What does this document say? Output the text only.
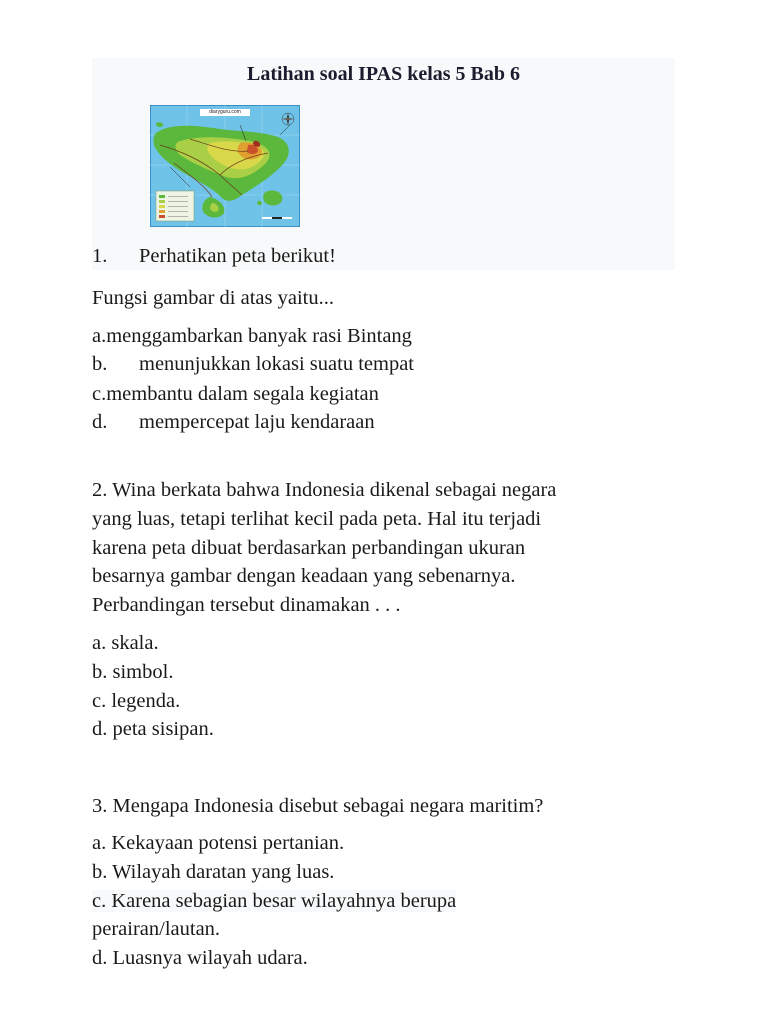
Latihan soal IPAS kelas 5 Bab 6
diaryguru.com
1. Perhatikan peta berikut!
Fungsi gambar di atas yaitu...
a.menggambarkan banyak rasi Bintang
b. menunjukkan lokasi suatu tempat
c.membantu dalam segala kegiatan
d. mempercepat laju kendaraan
2. Wina berkata bahwa Indonesia dikenal sebagai negara
yang luas, tetapi terlihat kecil pada peta. Hal itu terjadi
karena peta dibuat berdasarkan perbandingan ukuran
besarnya gambar dengan keadaan yang sebenarnya.
Perbandingan tersebut dinamakan . . .
a. skala.
b. simbol.
c. legenda.
d. peta sisipan.
3. Mengapa Indonesia disebut sebagai negara maritim?
a. Kekayaan potensi pertanian.
b. Wilayah daratan yang luas.
c. Karena sebagian besar wilayahnya berupa
perairan/lautan.
d. Luasnya wilayah udara.
